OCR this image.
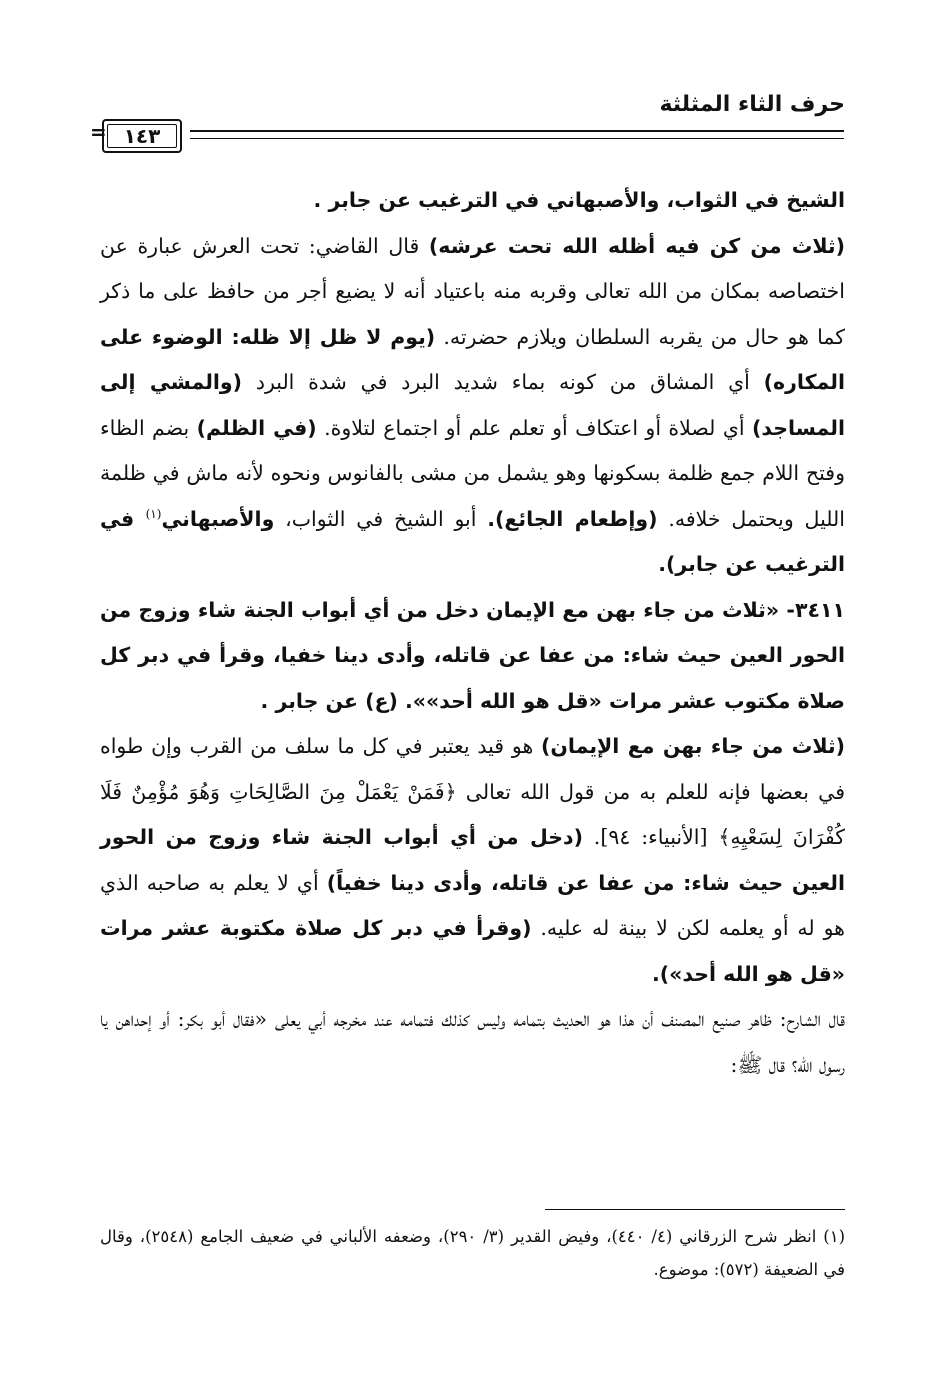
حرف الثاء المثلثة
١٤٣
=

الشيخ في الثواب، والأصبهاني في الترغيب عن جابر .

(ثلاث من كن فيه أظله الله تحت عرشه) قال القاضي: تحت العرش عبارة عن اختصاصه بمكان من الله تعالى وقربه منه باعتياد أنه لا يضيع أجر من حافظ على ما ذكر كما هو حال من يقربه السلطان ويلازم حضرته. (يوم لا ظل إلا ظله: الوضوء على المكاره) أي المشاق من كونه بماء شديد البرد في شدة البرد (والمشي إلى المساجد) أي لصلاة أو اعتكاف أو تعلم علم أو اجتماع لتلاوة. (في الظلم) بضم الظاء وفتح اللام جمع ظلمة بسكونها وهو يشمل من مشى بالفانوس ونحوه لأنه ماش في ظلمة الليل ويحتمل خلافه. (وإطعام الجائع). أبو الشيخ في الثواب، والأصبهاني$^{(١)}$ في الترغيب عن جابر).

٣٤١١- «ثلاث من جاء بهن مع الإيمان دخل من أي أبواب الجنة شاء وزوج من الحور العين حيث شاء: من عفا عن قاتله، وأدى دينا خفيا، وقرأ في دبر كل صلاة مكتوب عشر مرات «قل هو الله أحد»». (ع) عن جابر .

(ثلاث من جاء بهن مع الإيمان) هو قيد يعتبر في كل ما سلف من القرب وإن طواه في بعضها فإنه للعلم به من قول الله تعالى ﴿فَمَنْ يَعْمَلْ مِنَ الصَّالِحَاتِ وَهُوَ مُؤْمِنٌ فَلَا كُفْرَانَ لِسَعْيِهِ﴾ [الأنبياء: ٩٤]. (دخل من أي أبواب الجنة شاء وزوج من الحور العين حيث شاء: من عفا عن قاتله، وأدى دينا خفياً) أي لا يعلم به صاحبه الذي هو له أو يعلمه لكن لا بينة له عليه. (وقرأ في دبر كل صلاة مكتوبة عشر مرات «قل هو الله أحد»).

قال الشارح: ظاهر صنيع المصنف أن هذا هو الحديث بتمامه وليس كذلك فتمامه عند مخرجه أبي يعلى «فقال أبو بكر: أو إحداهن يا رسول الله؟ قال ﷺ:

(١) انظر شرح الزرقاني (٤/ ٤٤٠)، وفيض القدير (٣/ ٢٩٠)، وضعفه الألباني في ضعيف الجامع (٢٥٤٨)، وقال في الضعيفة (٥٧٢): موضوع.
